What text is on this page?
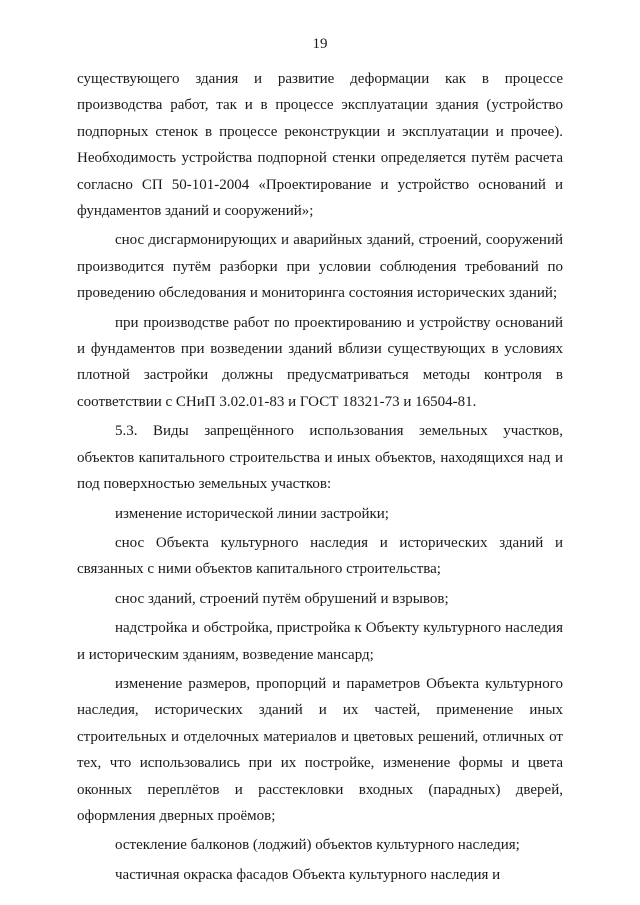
19

существующего здания и развитие деформации как в процессе производства работ, так и в процессе эксплуатации здания (устройство подпорных стенок в процессе реконструкции и эксплуатации и прочее). Необходимость устройства подпорной стенки определяется путём расчета согласно СП 50-101-2004 «Проектирование и устройство оснований и фундаментов зданий и сооружений»;

снос дисгармонирующих и аварийных зданий, строений, сооружений производится путём разборки при условии соблюдения требований по проведению обследования и мониторинга состояния исторических зданий;

при производстве работ по проектированию и устройству оснований и фундаментов при возведении зданий вблизи существующих в условиях плотной застройки должны предусматриваться методы контроля в соответствии с СНиП 3.02.01-83 и ГОСТ 18321-73 и 16504-81.

5.3. Виды запрещённого использования земельных участков, объектов капитального строительства и иных объектов, находящихся над и под поверхностью земельных участков:

изменение исторической линии застройки;

снос Объекта культурного наследия и исторических зданий и связанных с ними объектов капитального строительства;

снос зданий, строений путём обрушений и взрывов;

надстройка и обстройка, пристройка к Объекту культурного наследия и историческим зданиям, возведение мансард;

изменение размеров, пропорций и параметров Объекта культурного наследия, исторических зданий и их частей, применение иных строительных и отделочных материалов и цветовых решений, отличных от тех, что использовались при их постройке, изменение формы и цвета оконных переплётов и расстекловки входных (парадных) дверей, оформления дверных проёмов;

остекление балконов (лоджий) объектов культурного наследия;

частичная окраска фасадов Объекта культурного наследия и
